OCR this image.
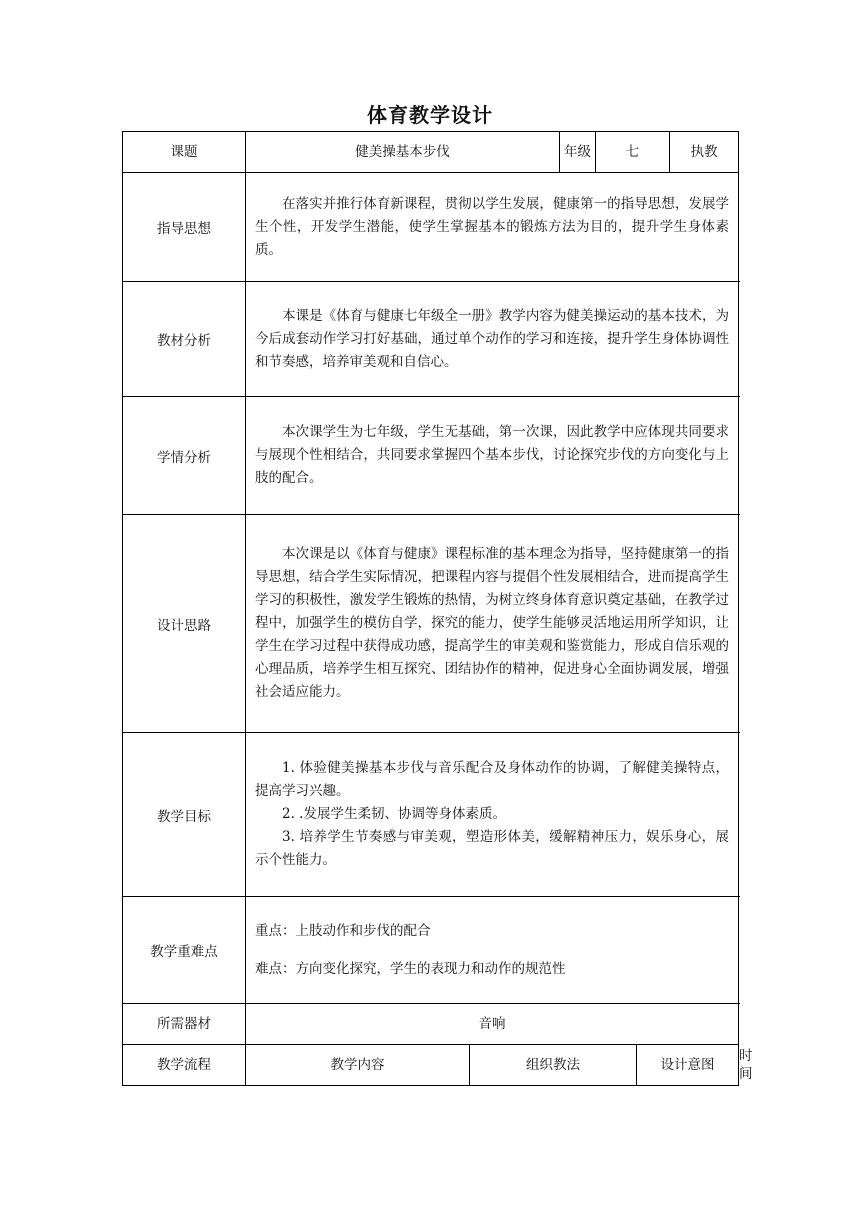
体育教学设计
课题	健美操基本步伐		年级	七		执教	
指导思想	在落实并推行体育新课程，贯彻以学生发展，健康第一的指导思想，发展学生个性，开发学生潜能，使学生掌握基本的锻炼方法为目的，提升学生身体素质。						

教材分析	本课是《体育与健康七年级全一册》教学内容为健美操运动的基本技术，为今后成套动作学习打好基础，通过单个动作的学习和连接，提升学生身体协调性和节奏感，培养审美观和自信心。						

学情分析	本次课学生为七年级，学生无基础，第一次课，因此教学中应体现共同要求与展现个性相结合，共同要求掌握四个基本步伐，讨论探究步伐的方向变化与上肢的配合。						

设计思路	本次课是以《体育与健康》课程标准的基本理念为指导，坚持健康第一的指导思想，结合学生实际情况，把课程内容与提倡个性发展相结合，进而提高学生学习的积极性，激发学生锻炼的热情，为树立终身体育意识奠定基础，在教学过程中，加强学生的模仿自学，探究的能力，使学生能够灵活地运用所学知识，让学生在学习过程中获得成功感，提高学生的审美观和鉴赏能力，形成自信乐观的心理品质，培养学生相互探究、团结协作的精神，促进身心全面协调发展，增强社会适应能力。						

教学目标	1. 体验健美操基本步伐与音乐配合及身体动作的协调，了解健美操特点，提高学习兴趣。

2. .发展学生柔韧、协调等身体素质。

3. 培养学生节奏感与审美观，塑造形体美，缓解精神压力，娱乐身心，展示个性能力。						

教学重难点	重点：上肢动作和步伐的配合

难点：方向变化探究，学生的表现力和动作的规范性						

所需器材	音响						
教学流程	教学内容	组织教法			设计意图		时间
